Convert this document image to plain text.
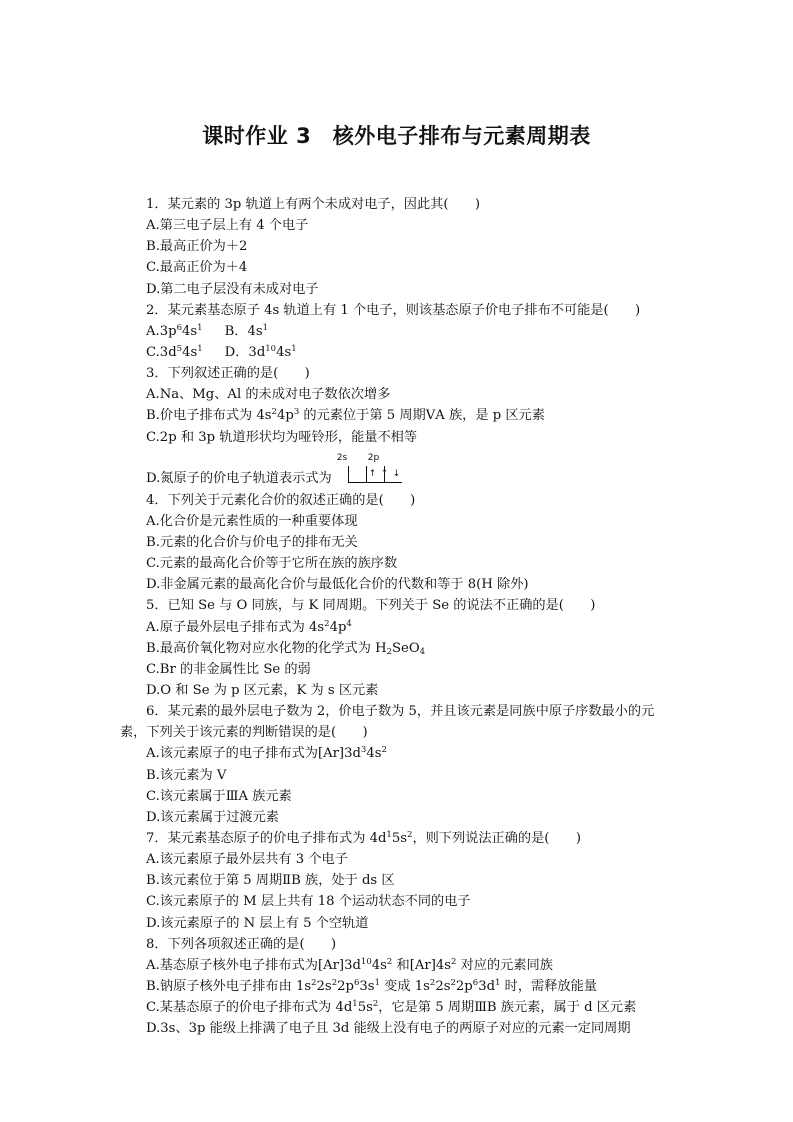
课时作业 3　核外电子排布与元素周期表
1．某元素的 3p 轨道上有两个未成对电子，因此其(　　)
A.第三电子层上有 4 个电子
B.最高正价为＋2
C.最高正价为＋4
D.第二电子层没有未成对电子
2．某元素基态原子 4s 轨道上有 1 个电子，则该基态原子价电子排布不可能是(　　)
$A.3p^64s^1$ B．$4s^1$
$C.3d^54s^1$ D．$3d^{10}4s^1$
3．下列叙述正确的是(　　)
A.Na、Mg、Al 的未成对电子数依次增多
B.价电子排布式为 $4s^24p^3$ 的元素位于第 5 周期ⅤA 族，是 p 区元素
C.2p 和 3p 轨道形状均为哑铃形，能量不相等
D.氮原子的价电子轨道表示式为
2s 2p
↑ ↑ ↓
4．下列关于元素化合价的叙述正确的是(　　)
A.化合价是元素性质的一种重要体现
B.元素的化合价与价电子的排布无关
C.元素的最高化合价等于它所在族的族序数
D.非金属元素的最高化合价与最低化合价的代数和等于 8(H 除外)
5．已知 Se 与 O 同族，与 K 同周期。下列关于 Se 的说法不正确的是(　　)
A.原子最外层电子排布式为 $4s^24p^4$
B.最高价氧化物对应水化物的化学式为 $H_2SeO_4$
C.Br 的非金属性比 Se 的弱
D.O 和 Se 为 p 区元素，K 为 s 区元素
6．某元素的最外层电子数为 2，价电子数为 5，并且该元素是同族中原子序数最小的元
素，下列关于该元素的判断错误的是(　　)
A.该元素原子的电子排布式为$[Ar]3d^34s^2$
B.该元素为 V
C.该元素属于ⅢA 族元素
D.该元素属于过渡元素
7．某元素基态原子的价电子排布式为 $4d^15s^2$，则下列说法正确的是(　　)
A.该元素原子最外层共有 3 个电子
B.该元素位于第 5 周期ⅡB 族，处于 ds 区
C.该元素原子的 M 层上共有 18 个运动状态不同的电子
D.该元素原子的 N 层上有 5 个空轨道
8．下列各项叙述正确的是(　　)
A.基态原子核外电子排布式为$[Ar]3d^{10}4s^2$ 和$[Ar]4s^2$ 对应的元素同族
B.钠原子核外电子排布由 $1s^22s^22p^63s^1$ 变成 $1s^22s^22p^63d^1$ 时，需释放能量
C.某基态原子的价电子排布式为 $4d^15s^2$，它是第 5 周期ⅢB 族元素，属于 d 区元素
D.3s、3p 能级上排满了电子且 3d 能级上没有电子的两原子对应的元素一定同周期
